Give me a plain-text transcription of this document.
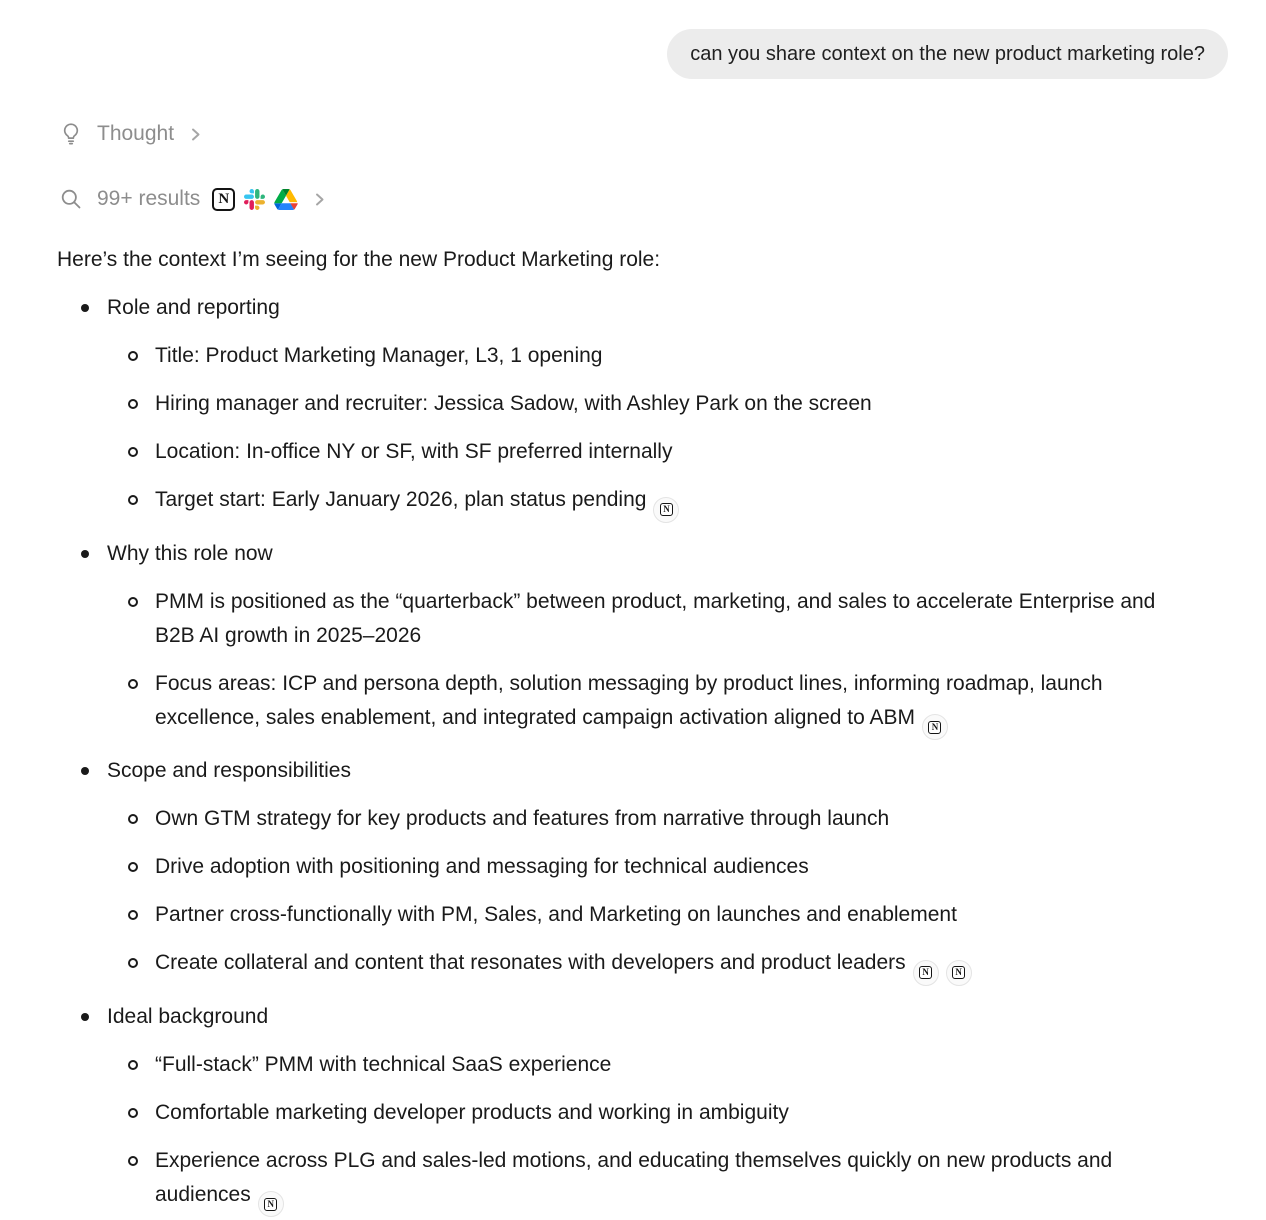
can you share context on the new product marketing role?
Thought
99+ results	N

Here’s the context I’m seeing for the new Product Marketing role:

Role and reporting
Title: Product Marketing Manager, L3, 1 opening
Hiring manager and recruiter: Jessica Sadow, with Ashley Park on the screen
Location: In-office NY or SF, with SF preferred internally
Target start: Early January 2026, plan status pending	N
Why this role now
PMM is positioned as the “quarterback” between product, marketing, and sales to accelerate Enterprise and B2B AI growth in 2025–2026
Focus areas: ICP and persona depth, solution messaging by product lines, informing roadmap, launch excellence, sales enablement, and integrated campaign activation aligned to ABM	N
Scope and responsibilities
Own GTM strategy for key products and features from narrative through launch
Drive adoption with positioning and messaging for technical audiences
Partner cross-functionally with PM, Sales, and Marketing on launches and enablement
Create collateral and content that resonates with developers and product leaders	N	N
Ideal background
“Full-stack” PMM with technical SaaS experience
Comfortable marketing developer products and working in ambiguity
Experience across PLG and sales-led motions, and educating themselves quickly on new products and audiences	N
